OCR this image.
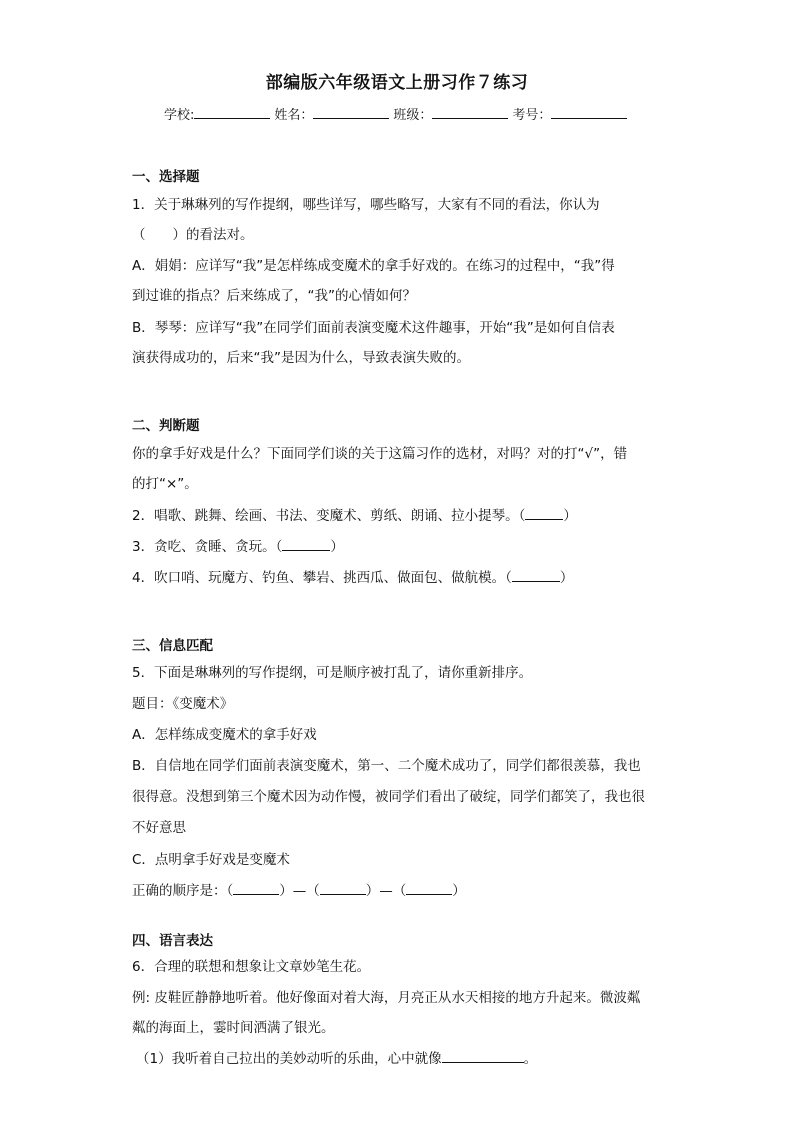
部编版六年级语文上册习作７练习
学校:	姓名：	班级：	考号：
一、选择题
1．关于琳琳列的写作提纲，哪些详写，哪些略写，大家有不同的看法，你认为
（　　）的看法对。
A．娟娟：应详写“我”是怎样练成变魔术的拿手好戏的。在练习的过程中，“我”得
到过谁的指点？后来练成了，“我”的心情如何？
B．琴琴：应详写“我”在同学们面前表演变魔术这件趣事，开始“我”是如何自信表
演获得成功的，后来“我”是因为什么，导致表演失败的。
二、判断题
你的拿手好戏是什么？下面同学们谈的关于这篇习作的选材，对吗？对的打“√”，错
的打“×”。
2．唱歌、跳舞、绘画、书法、变魔术、剪纸、朗诵、拉小提琴。（	）
3．贪吃、贪睡、贪玩。（	）
4．吹口哨、玩魔方、钓鱼、攀岩、挑西瓜、做面包、做航模。（	）
三、信息匹配
5．下面是琳琳列的写作提纲，可是顺序被打乱了，请你重新排序。
题目：《变魔术》
A．怎样练成变魔术的拿手好戏
B．自信地在同学们面前表演变魔术，第一、二个魔术成功了，同学们都很羡慕，我也
很得意。没想到第三个魔术因为动作慢，被同学们看出了破绽，同学们都笑了，我也很
不好意思
C．点明拿手好戏是变魔术
正确的顺序是：（	）—（	）—（	）
四、语言表达
6．合理的联想和想象让文章妙笔生花。
例: 皮鞋匠静静地听着。他好像面对着大海，月亮正从水天相接的地方升起来。微波粼
粼的海面上，霎时间洒满了银光。
（1）我听着自己拉出的美妙动听的乐曲，心中就像	。
